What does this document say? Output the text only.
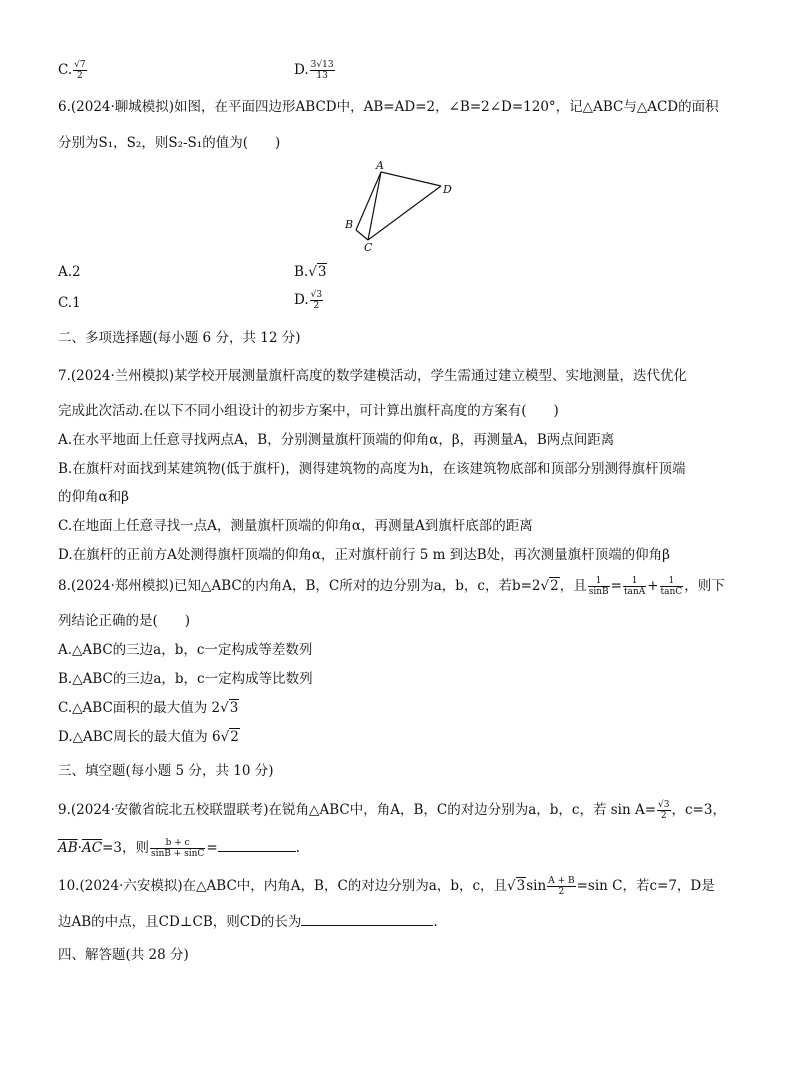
C. $\frac{√7}{2}$	D. $\frac{3√13}{13}$
6.(2024·聊城模拟)如图，在平面四边形ABCD中，AB=AD=2，∠B=2∠D=120°，记△ABC与△ACD的面积
分别为S₁，S₂，则S₂-S₁的值为(　　)
A
B
C
D
A.2	B.√3
C.1	D. $\frac{√3}{2}$
二、多项选择题(每小题 6 分，共 12 分)
7.(2024·兰州模拟)某学校开展测量旗杆高度的数学建模活动，学生需通过建立模型、实地测量，迭代优化
完成此次活动.在以下不同小组设计的初步方案中，可计算出旗杆高度的方案有(　　)
A.在水平地面上任意寻找两点A，B，分别测量旗杆顶端的仰角α，β，再测量A，B两点间距离
B.在旗杆对面找到某建筑物(低于旗杆)，测得建筑物的高度为h，在该建筑物底部和顶部分别测得旗杆顶端
的仰角α和β
C.在地面上任意寻找一点A，测量旗杆顶端的仰角α，再测量A到旗杆底部的距离
D.在旗杆的正前方A处测得旗杆顶端的仰角α，正对旗杆前行 5 m 到达B处，再次测量旗杆顶端的仰角β
8.(2024·郑州模拟)已知△ABC的内角A，B，C所对的边分别为a，b，c，若b=2√2，且 $\frac{1}{\sin B} = \frac{1}{\tan A} + \frac{1}{\tan C}$ ，则下
列结论正确的是(　　)
A.△ABC的三边a，b，c一定构成等差数列
B.△ABC的三边a，b，c一定构成等比数列
C.△ABC面积的最大值为 2√3
D.△ABC周长的最大值为 6√2
三、填空题(每小题 5 分，共 10 分)
9.(2024·安徽省皖北五校联盟联考)在锐角△ABC中，角A，B，C的对边分别为a，b，c，若 $\sin A= \frac{√3}{2}$ ，c=3，
$\overline{AB}\cdot\overline{AC}=3$，则 $\frac{b + c}{\sin B + \sin C}$ =	.
10.(2024·六安模拟)在△ABC中，内角A，B，C的对边分别为a，b，c，且$√3\sin \frac{A + B}{2} =\sin$ C，若c=7，D是
边AB的中点，且CD⊥CB，则CD的长为	.
四、解答题(共 28 分)
